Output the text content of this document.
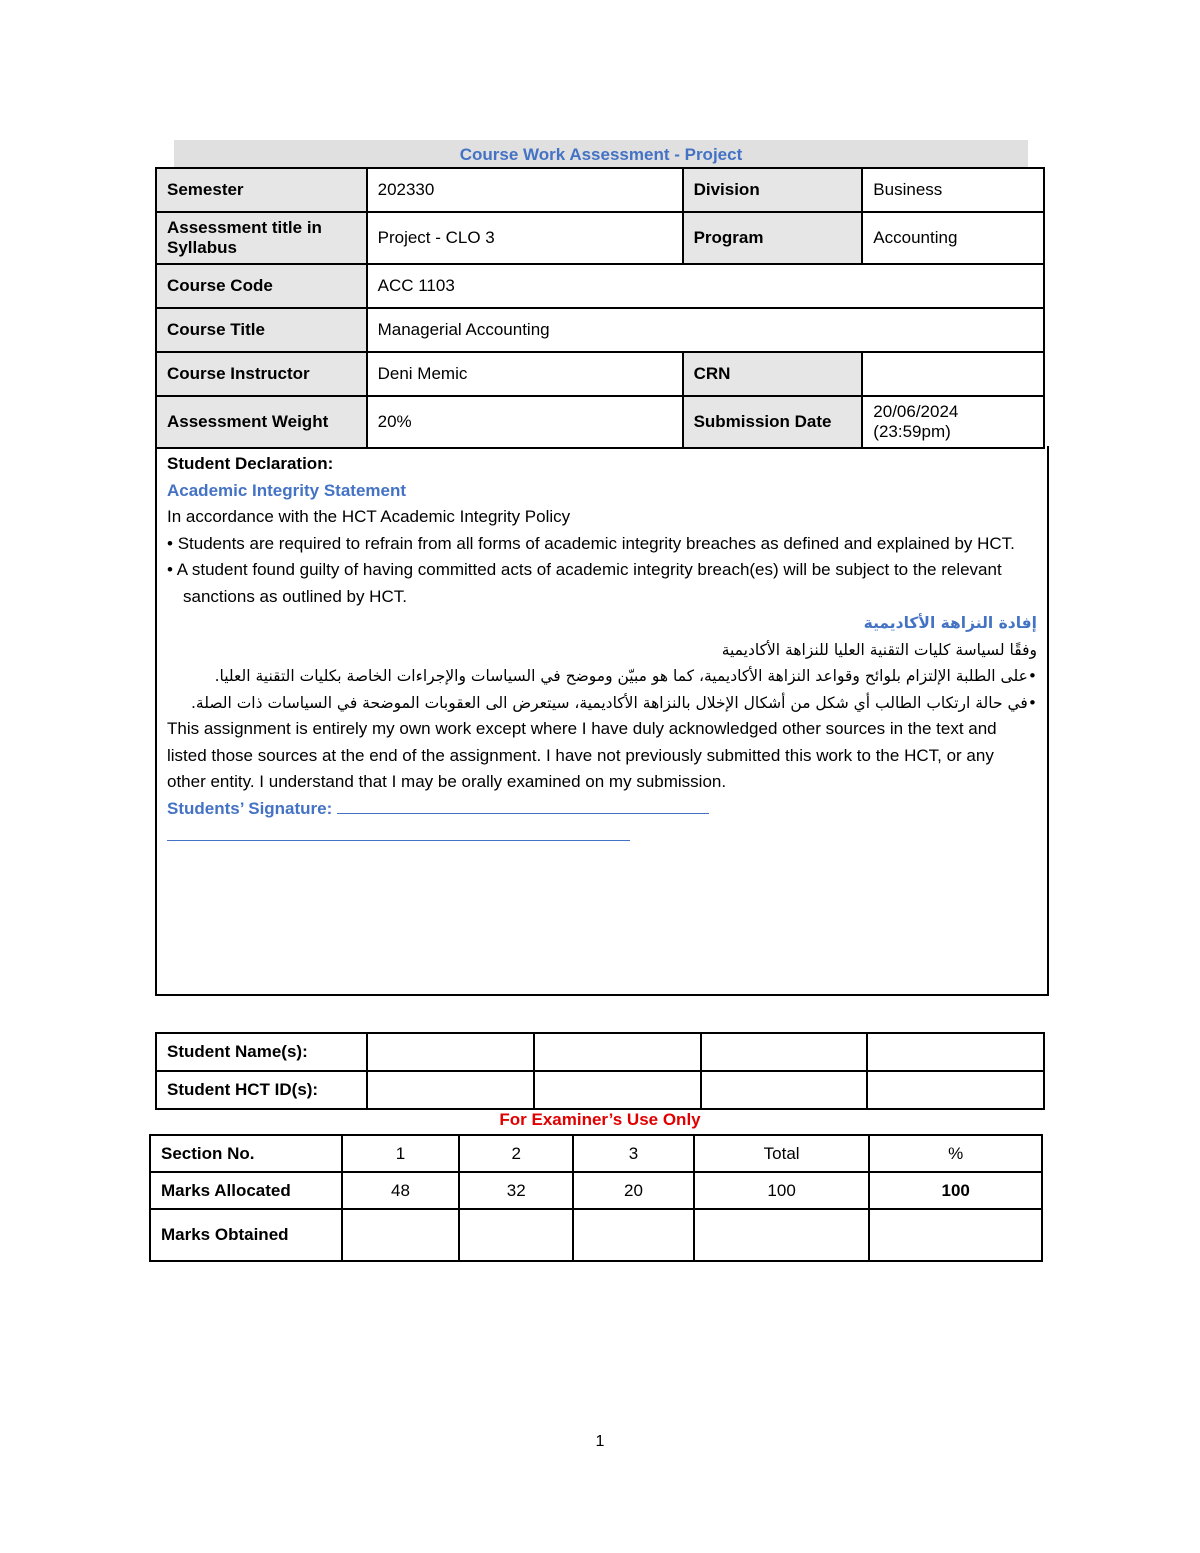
Course Work Assessment - Project
Semester	202330	Division	Business
Assessment title in Syllabus	Project - CLO 3	Program	Accounting
Course Code	ACC 1103		
Course Title	Managerial Accounting		
Course Instructor	Deni Memic	CRN	
Assessment Weight	20%	Submission Date	20/06/2024
(23:59pm)

Student Declaration:

Academic Integrity Statement

In accordance with the HCT Academic Integrity Policy

• Students are required to refrain from all forms of academic integrity breaches as defined and explained by HCT.

• A student found guilty of having committed acts of academic integrity breach(es) will be subject to the relevant sanctions as outlined by HCT.

إفادة النزاهة الأكاديمية

وفقًا لسياسة كليات التقنية العليا للنزاهة الأكاديمية

•على الطلبة الإلتزام بلوائح وقواعد النزاهة الأكاديمية، كما هو مبيّن وموضح في السياسات والإجراءات الخاصة بكليات التقنية العليا.

•في حالة ارتكاب الطالب أي شكل من أشكال الإخلال بالنزاهة الأكاديمية، سيتعرض الى العقوبات الموضحة في السياسات ذات الصلة.

This assignment is entirely my own work except where I have duly acknowledged other sources in the text and listed those sources at the end of the assignment. I have not previously submitted this work to the HCT, or any other entity. I understand that I may be orally examined on my submission.

Students’ Signature:

Student Name(s):				
Student HCT ID(s):				
For Examiner’s Use Only
Section No.	1	2	3	Total	%
Marks Allocated	48	32	20	100	100
Marks Obtained					
1
